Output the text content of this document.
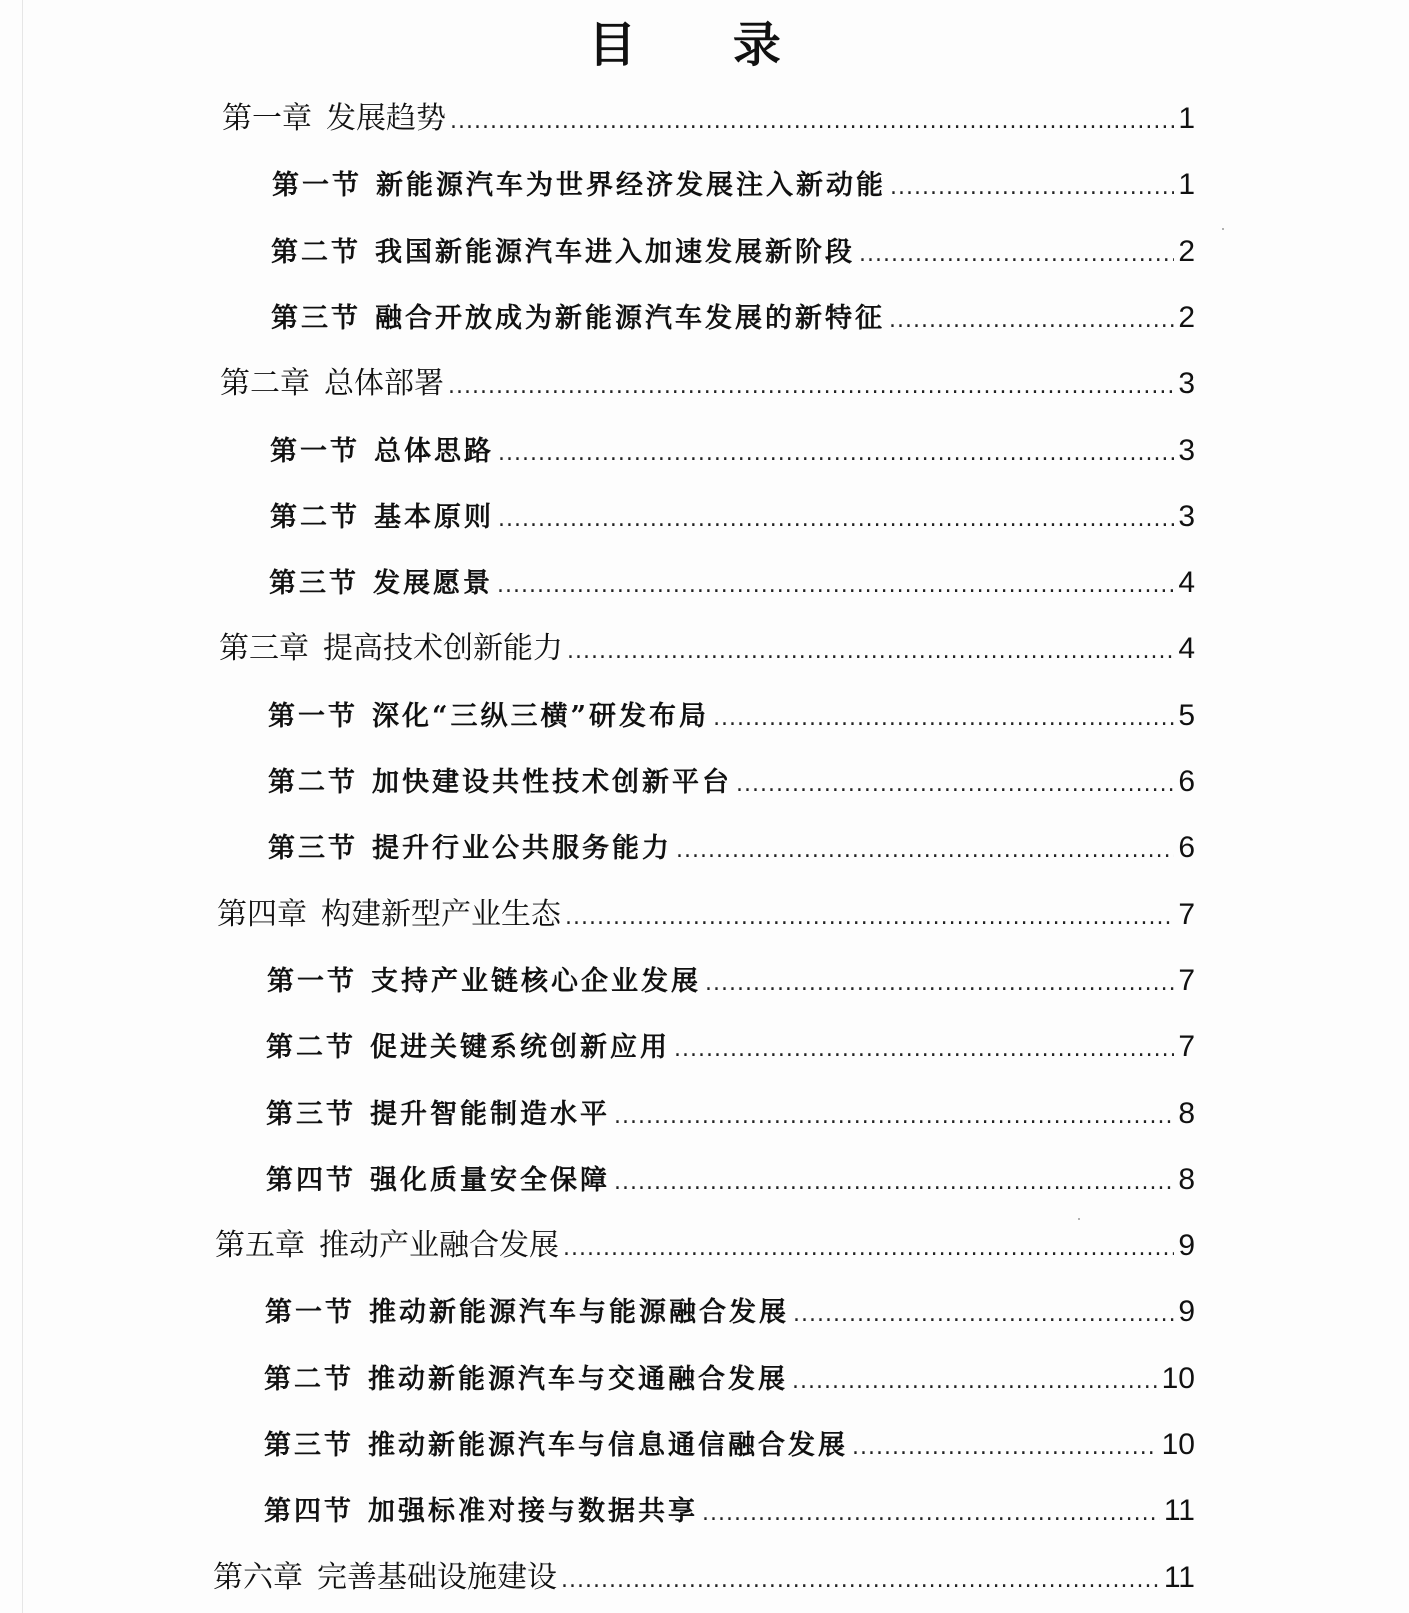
目 录
第一章 发展趋势 .....	1
第一节 新能源汽车为世界经济发展注入新动能 .....	1
第二节 我国新能源汽车进入加速发展新阶段 .....	2
第三节 融合开放成为新能源汽车发展的新特征 .....	2
第二章 总体部署 .....	3
第一节 总体思路 .....	3
第二节 基本原则 .....	3
第三节 发展愿景 .....	4
第三章 提高技术创新能力 .....	4
第一节 深化“三纵三横”研发布局 .....	5
第二节 加快建设共性技术创新平台 .....	6
第三节 提升行业公共服务能力 .....	6
第四章 构建新型产业生态 .....	7
第一节 支持产业链核心企业发展 .....	7
第二节 促进关键系统创新应用 .....	7
第三节 提升智能制造水平 .....	8
第四节 强化质量安全保障 .....	8
第五章 推动产业融合发展 .....	9
第一节 推动新能源汽车与能源融合发展 .....	9
第二节 推动新能源汽车与交通融合发展 .....	10
第三节 推动新能源汽车与信息通信融合发展 .....	10
第四节 加强标准对接与数据共享 .....	11
第六章 完善基础设施建设 .....	11
